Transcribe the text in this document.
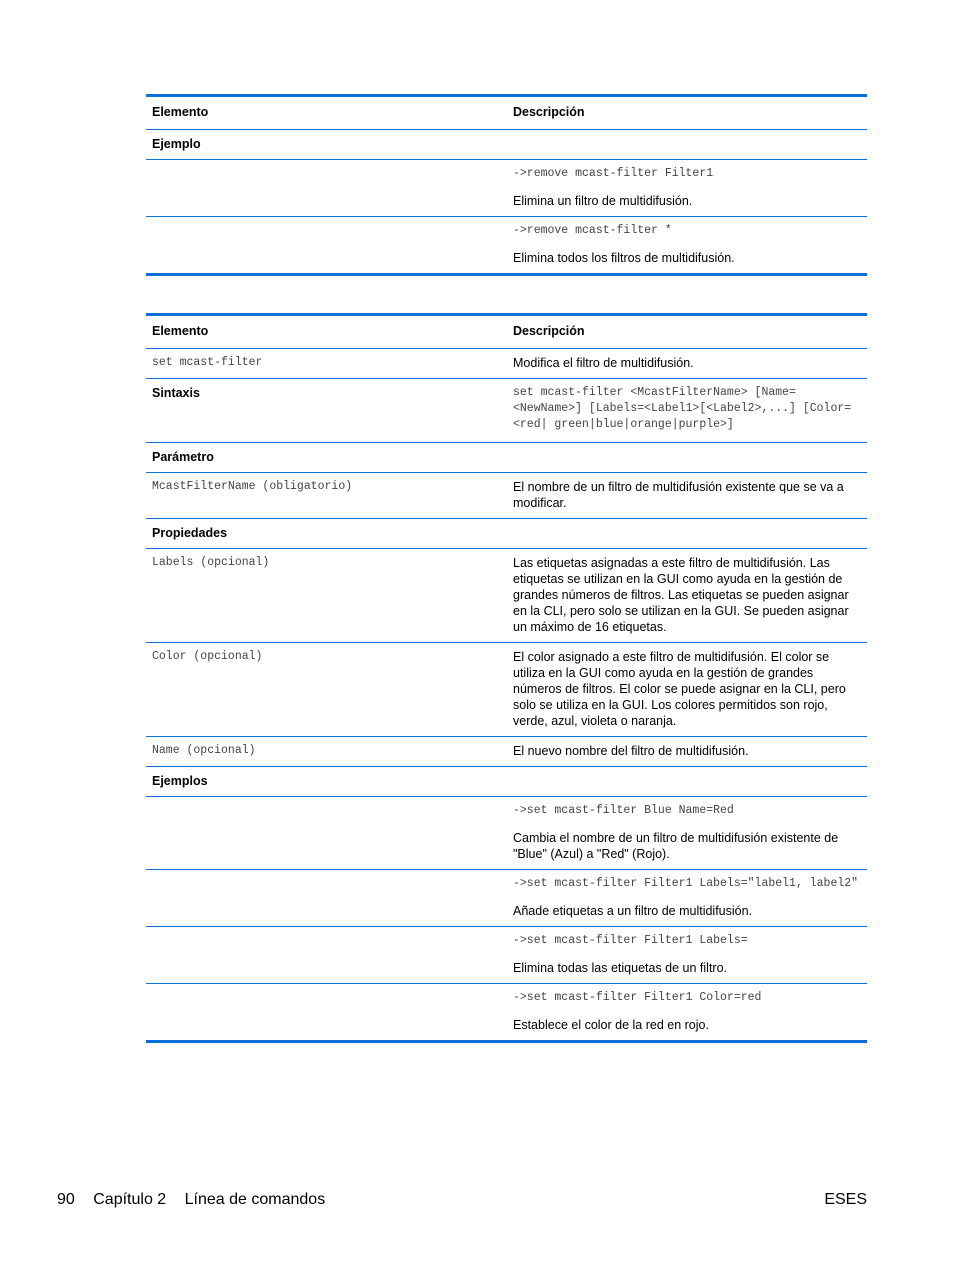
Elemento	Descripción
Ejemplo
->remove mcast-filter Filter1
Elimina un filtro de multidifusión.
->remove mcast-filter *
Elimina todos los filtros de multidifusión.
Elemento	Descripción
set mcast-filter	Modifica el filtro de multidifusión.
Sintaxis	set mcast-filter <McastFilterName> [Name=<NewName>] [Labels=<Label1>[<Label2>,...] [Color=<red| green|blue|orange|purple>]
Parámetro
McastFilterName (obligatorio)	El nombre de un filtro de multidifusión existente que se va a modificar.
Propiedades
Labels (opcional)	Las etiquetas asignadas a este filtro de multidifusión. Las etiquetas se utilizan en la GUI como ayuda en la gestión de grandes números de filtros. Las etiquetas se pueden asignar en la CLI, pero solo se utilizan en la GUI. Se pueden asignar un máximo de 16 etiquetas.
Color (opcional)	El color asignado a este filtro de multidifusión. El color se utiliza en la GUI como ayuda en la gestión de grandes números de filtros. El color se puede asignar en la CLI, pero solo se utiliza en la GUI. Los colores permitidos son rojo, verde, azul, violeta o naranja.
Name (opcional)	El nuevo nombre del filtro de multidifusión.
Ejemplos
->set mcast-filter Blue Name=Red
Cambia el nombre de un filtro de multidifusión existente de "Blue" (Azul) a "Red" (Rojo).
->set mcast-filter Filter1 Labels="label1, label2"
Añade etiquetas a un filtro de multidifusión.
->set mcast-filter Filter1 Labels=
Elimina todas las etiquetas de un filtro.
->set mcast-filter Filter1 Color=red
Establece el color de la red en rojo.
90 Capítulo 2 Línea de comandos	ESES
